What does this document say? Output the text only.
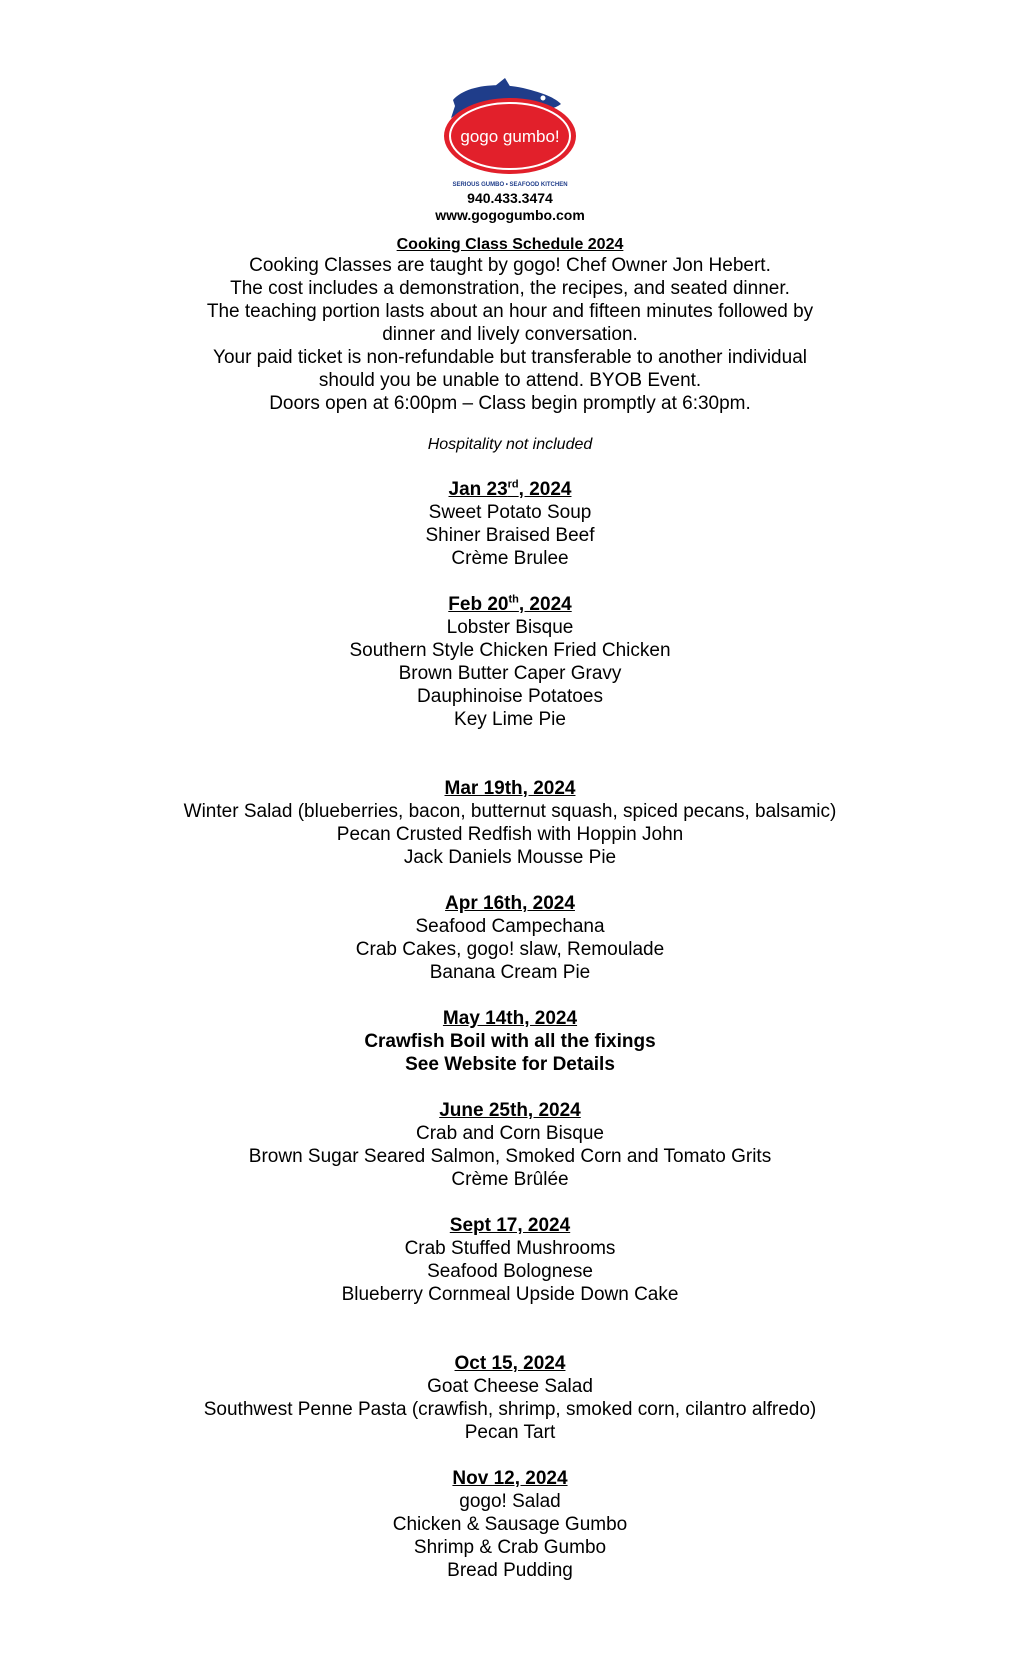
gogo gumbo!
SERIOUS GUMBO • SEAFOOD KITCHEN
940.433.3474
www.gogogumbo.com
Cooking Class Schedule 2024
Cooking Classes are taught by gogo! Chef Owner Jon Hebert.
The cost includes a demonstration, the recipes, and seated dinner.
The teaching portion lasts about an hour and fifteen minutes followed by
dinner and lively conversation.
Your paid ticket is non-refundable but transferable to another individual
should you be unable to attend. BYOB Event.
Doors open at 6:00pm – Class begin promptly at 6:30pm.
Hospitality not included
Jan 23rd, 2024
Sweet Potato Soup
Shiner Braised Beef
Crème Brulee
Feb 20th, 2024
Lobster Bisque
Southern Style Chicken Fried Chicken
Brown Butter Caper Gravy
Dauphinoise Potatoes
Key Lime Pie
Mar 19th, 2024
Winter Salad (blueberries, bacon, butternut squash, spiced pecans, balsamic)
Pecan Crusted Redfish with Hoppin John
Jack Daniels Mousse Pie
Apr 16th, 2024
Seafood Campechana
Crab Cakes, gogo! slaw, Remoulade
Banana Cream Pie
May 14th, 2024
Crawfish Boil with all the fixings
See Website for Details
June 25th, 2024
Crab and Corn Bisque
Brown Sugar Seared Salmon, Smoked Corn and Tomato Grits
Crème Brûlée
Sept 17, 2024
Crab Stuffed Mushrooms
Seafood Bolognese
Blueberry Cornmeal Upside Down Cake
Oct 15, 2024
Goat Cheese Salad
Southwest Penne Pasta (crawfish, shrimp, smoked corn, cilantro alfredo)
Pecan Tart
Nov 12, 2024
gogo! Salad
Chicken & Sausage Gumbo
Shrimp & Crab Gumbo
Bread Pudding
